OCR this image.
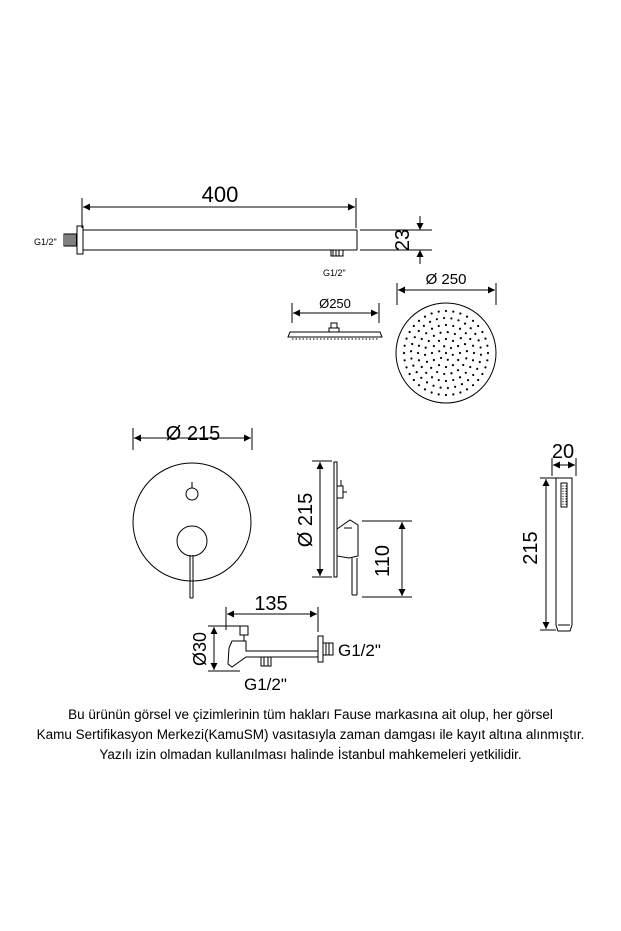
400
G1/2"
G1/2"
23
Ø250
Ø 250
Ø 215
Ø 215
110
20
215
135
Ø30	G1/2"
G1/2"
Bu ürünün görsel ve çizimlerinin tüm hakları Fause markasına ait olup, her görsel
Kamu Sertifikasyon Merkezi(KamuSM) vasıtasıyla zaman damgası ile kayıt altına alınmıştır.
Yazılı izin olmadan kullanılması halinde İstanbul mahkemeleri yetkilidir.
